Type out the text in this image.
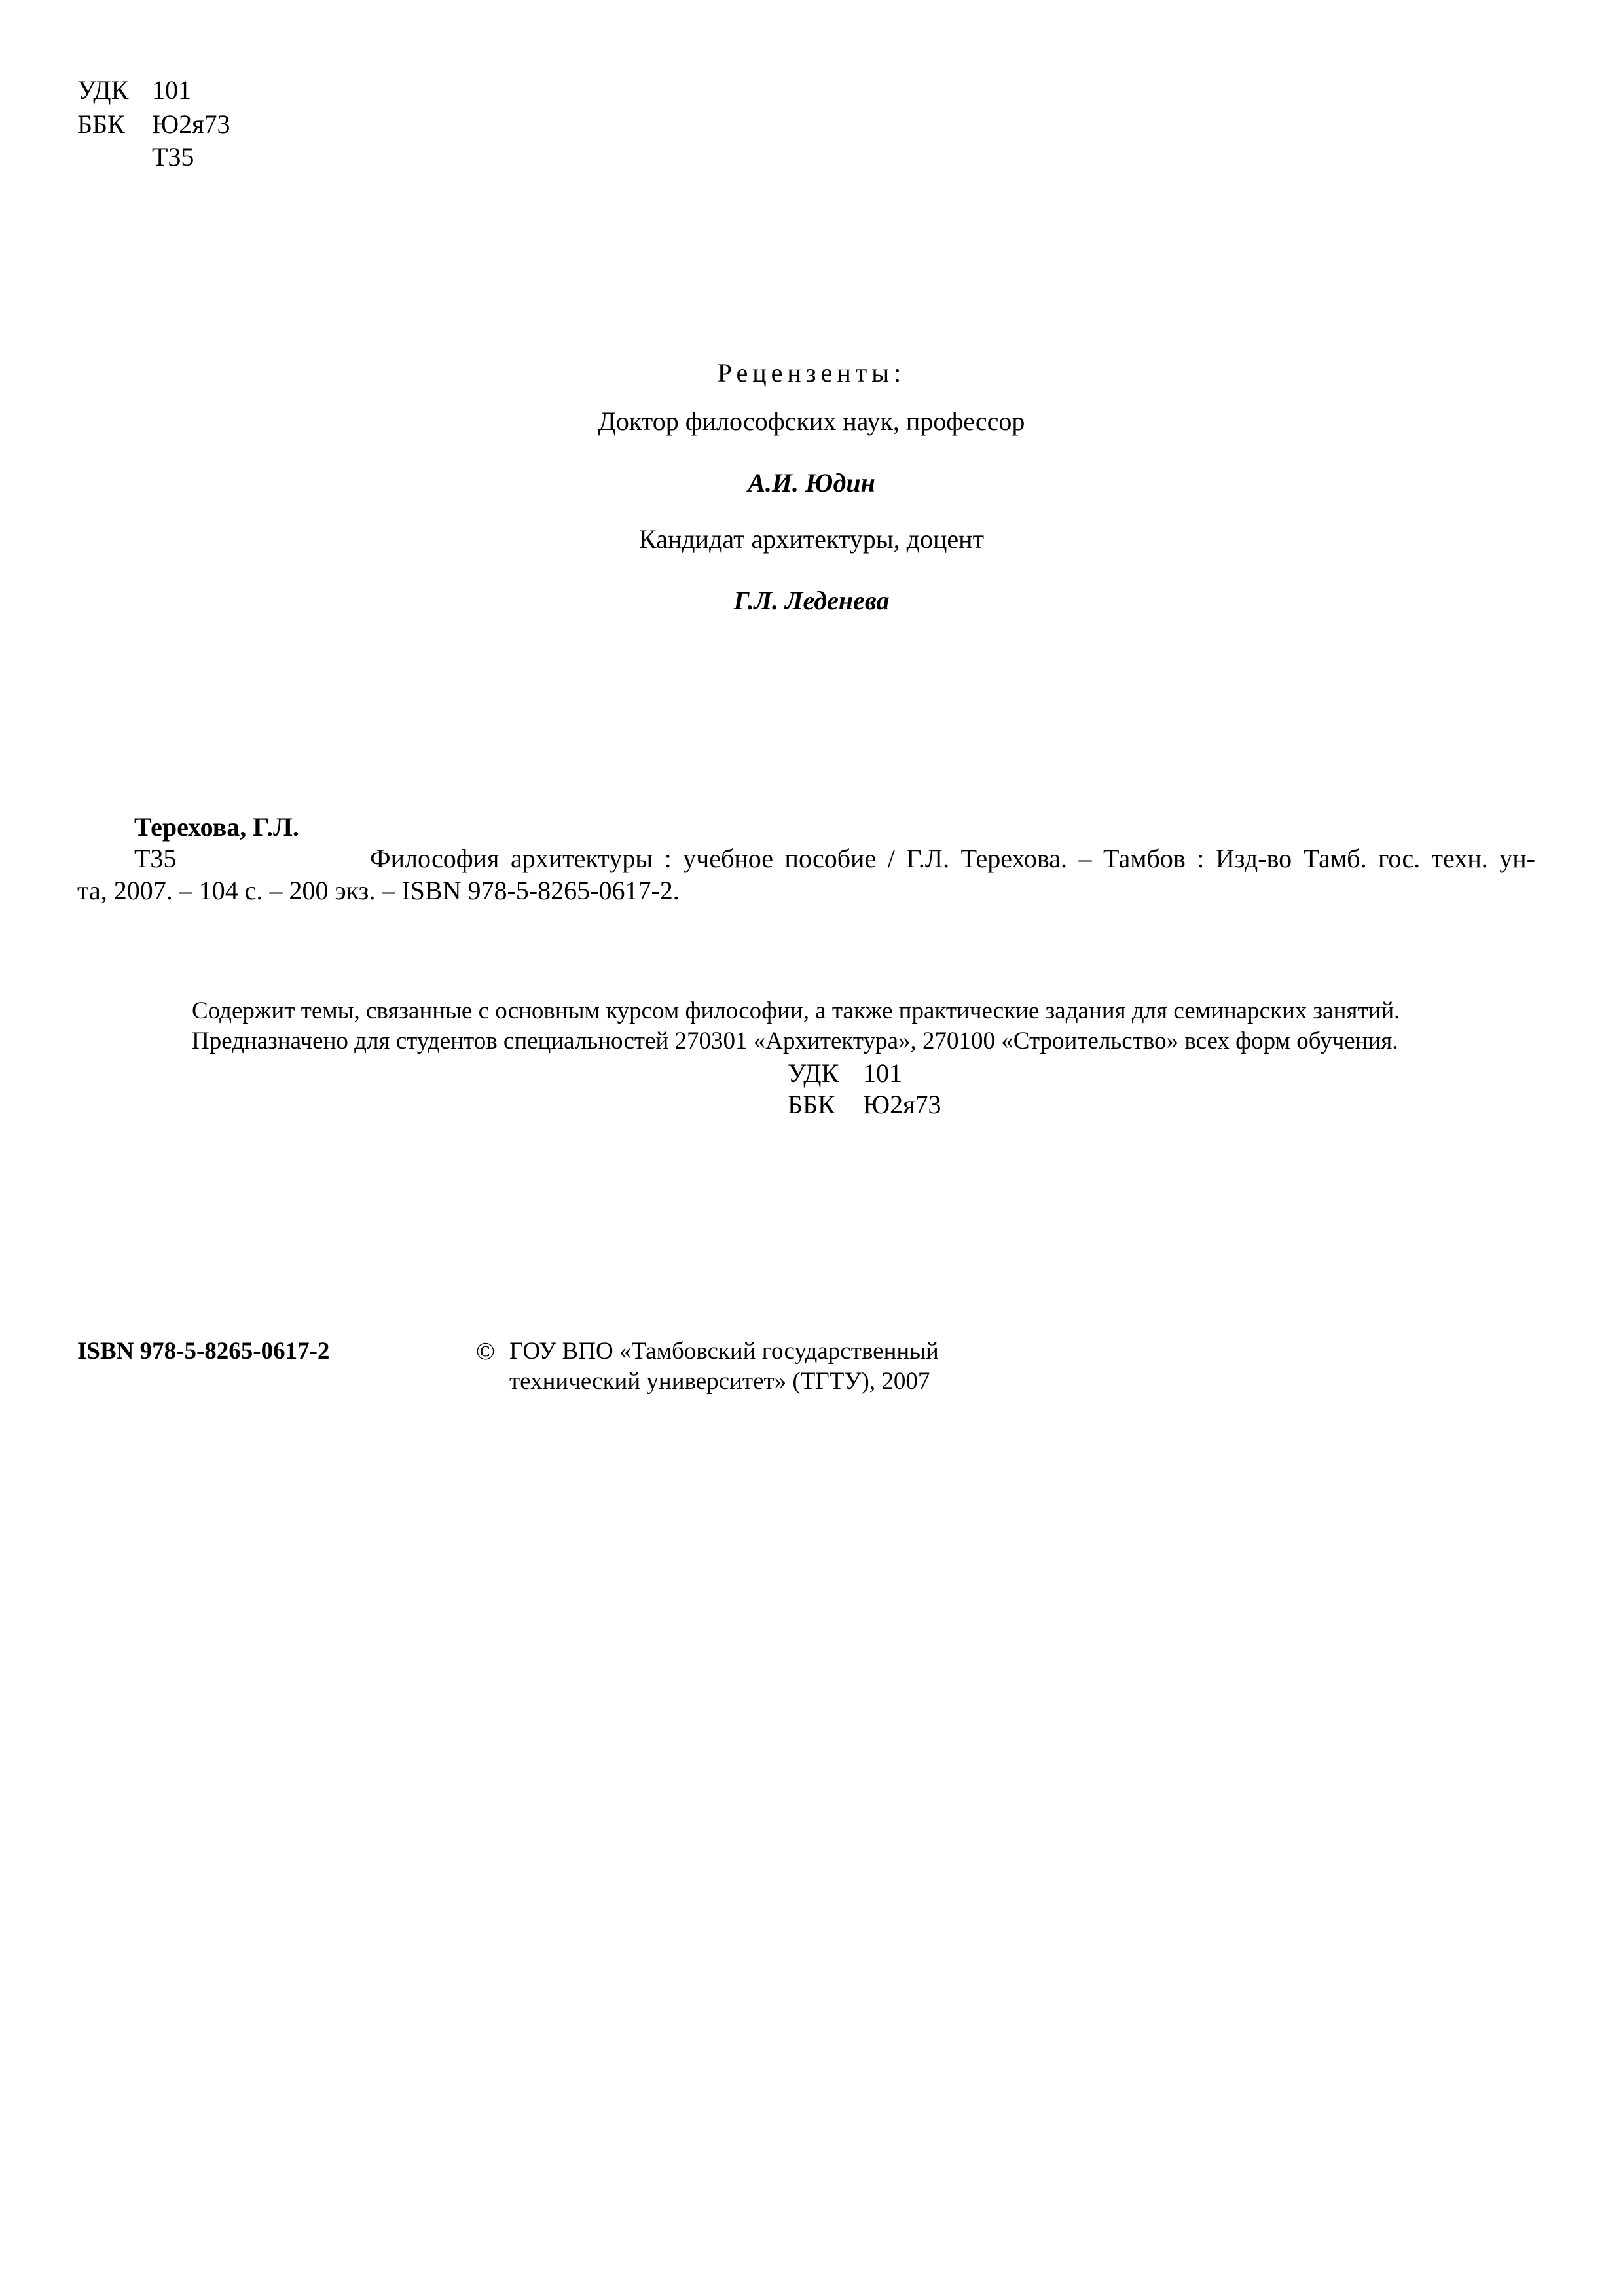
УДК 101
ББК Ю2я73
Т35
Рецензенты:
Доктор философских наук, профессор
А.И. Юдин
Кандидат архитектуры, доцент
Г.Л. Леденева
Терехова, Г.Л.
Т35	Философия архитектуры : учебное пособие / Г.Л. Терехова. – Тамбов : Изд-во Тамб. гос. техн. ун-
та, 2007. – 104 с. – 200 экз. – ISBN 978-5-8265-0617-2.
Содержит темы, связанные с основным курсом философии, а также практические задания для семинарских занятий.
Предназначено для студентов специальностей 270301 «Архитектура», 270100 «Строительство» всех форм обучения.
УДК 101
ББК Ю2я73
ISBN 978-5-8265-0617-2	© ГОУ ВПО «Тамбовский государственный
технический университет» (ТГТУ), 2007
